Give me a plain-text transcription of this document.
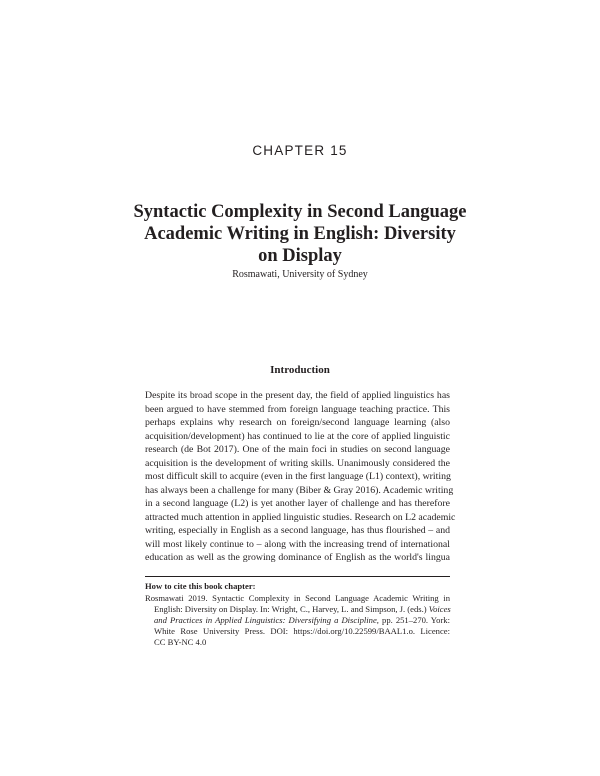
CHAPTER 15
Syntactic Complexity in Second Language
Academic Writing in English: Diversity
on Display
Rosmawati, University of Sydney
Introduction
Despite its broad scope in the present day, the field of applied linguistics has
been argued to have stemmed from foreign language teaching practice. This
perhaps explains why research on foreign/second language learning (also
acquisition/development) has continued to lie at the core of applied linguistic
research (de Bot 2017). One of the main foci in studies on second language
acquisition is the development of writing skills. Unanimously considered the
most difficult skill to acquire (even in the first language (L1) context), writing
has always been a challenge for many (Biber & Gray 2016). Academic writing
in a second language (L2) is yet another layer of challenge and has therefore
attracted much attention in applied linguistic studies. Research on L2 academic
writing, especially in English as a second language, has thus flourished – and
will most likely continue to – along with the increasing trend of international
education as well as the growing dominance of English as the world's lingua
How to cite this book chapter:
Rosmawati 2019. Syntactic Complexity in Second Language Academic Writing in
English: Diversity on Display. In: Wright, C., Harvey, L. and Simpson, J. (eds.) Voices
and Practices in Applied Linguistics: Diversifying a Discipline, pp. 251–270. York:
White Rose University Press. DOI: https://doi.org/10.22599/BAAL1.o. Licence:
CC BY-NC 4.0
